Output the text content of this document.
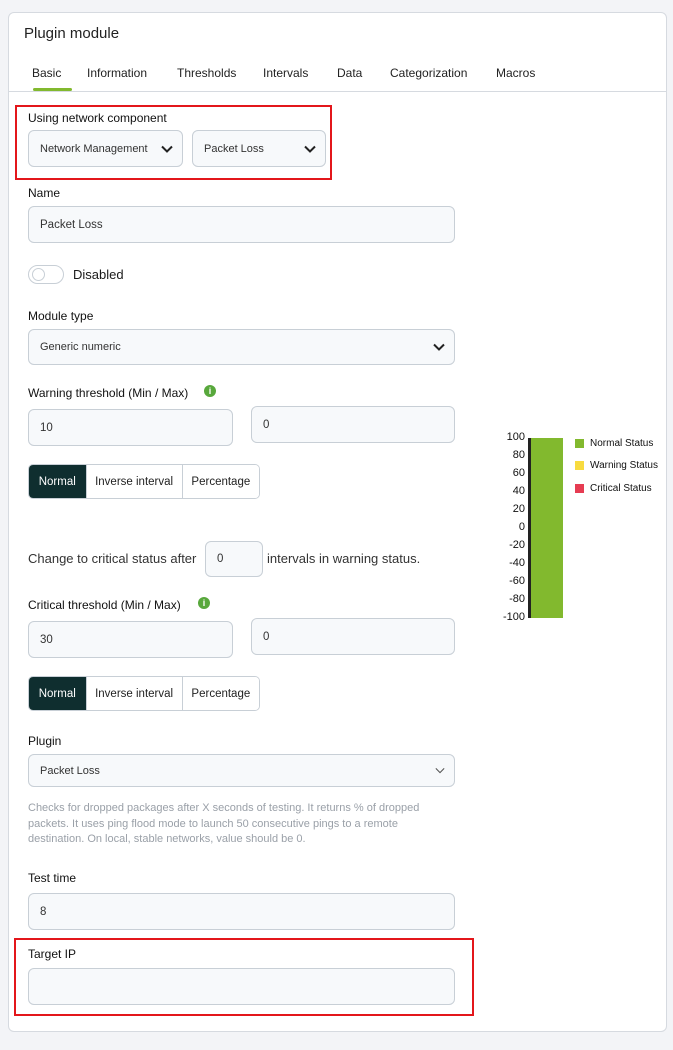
Plugin module
Basic Information Thresholds Intervals Data Categorization Macros
Using network component
Network Management	Packet Loss
Name
Packet Loss
Disabled
Module type
Generic numeric
Warning threshold (Min / Max)	i
10	0
Normal	Inverse interval	Percentage
Change to critical status after	0	intervals in warning status.
Critical threshold (Min / Max)	i
30	0
Normal	Inverse interval	Percentage
Plugin
Packet Loss
Checks for dropped packages after X seconds of testing. It returns % of dropped packets. It uses ping flood mode to launch 50 consecutive pings to a remote destination. On local, stable networks, value should be 0.
Test time
8
Target IP
100
80
60
40
20
0
-20
-40
-60
-80
-100
Normal Status
Warning Status
Critical Status
